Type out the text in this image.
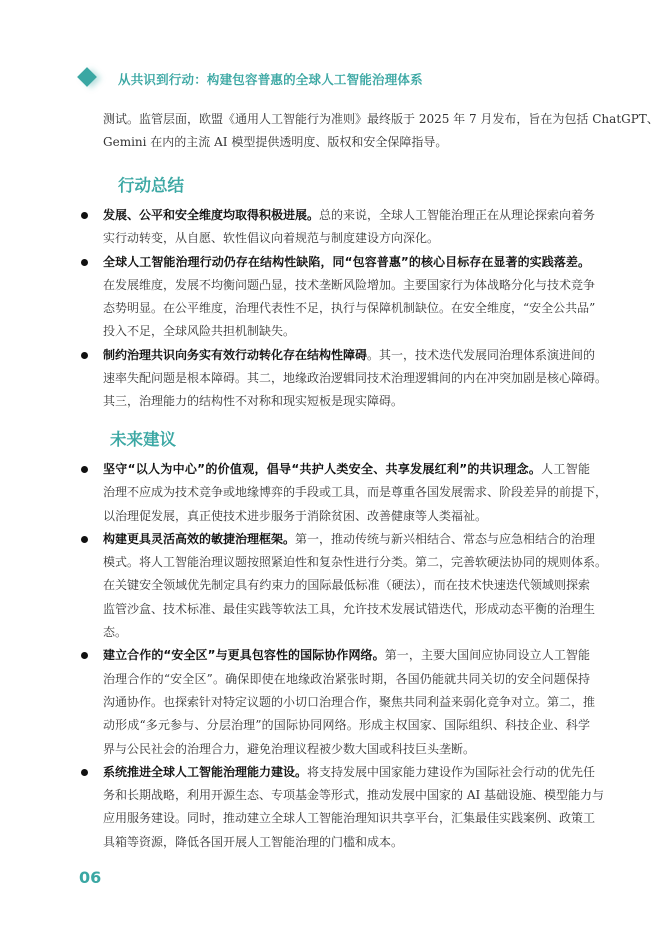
从共识到行动：构建包容普惠的全球人工智能治理体系
测试。监管层面，欧盟《通用人工智能行为准则》最终版于 2025 年 7 月发布，旨在为包括 ChatGPT、
Gemini 在内的主流 AI 模型提供透明度、版权和安全保障指导。
行动总结
发展、公平和安全维度均取得积极进展。总的来说，全球人工智能治理正在从理论探索向着务
实行动转变，从自愿、软性倡议向着规范与制度建设方向深化。
全球人工智能治理行动仍存在结构性缺陷，同“包容普惠”的核心目标存在显著的实践落差。
在发展维度，发展不均衡问题凸显，技术垄断风险增加。主要国家行为体战略分化与技术竞争
态势明显。在公平维度，治理代表性不足，执行与保障机制缺位。在安全维度，“安全公共品”
投入不足，全球风险共担机制缺失。
制约治理共识向务实有效行动转化存在结构性障碍。其一，技术迭代发展同治理体系演进间的
速率失配问题是根本障碍。其二，地缘政治逻辑同技术治理逻辑间的内在冲突加剧是核心障碍。
其三，治理能力的结构性不对称和现实短板是现实障碍。
未来建议
坚守“以人为中心”的价值观，倡导“共护人类安全、共享发展红利”的共识理念。人工智能
治理不应成为技术竞争或地缘博弈的手段或工具，而是尊重各国发展需求、阶段差异的前提下，
以治理促发展，真正使技术进步服务于消除贫困、改善健康等人类福祉。
构建更具灵活高效的敏捷治理框架。第一，推动传统与新兴相结合、常态与应急相结合的治理
模式。将人工智能治理议题按照紧迫性和复杂性进行分类。第二，完善软硬法协同的规则体系。
在关键安全领域优先制定具有约束力的国际最低标准（硬法），而在技术快速迭代领域则探索
监管沙盒、技术标准、最佳实践等软法工具，允许技术发展试错迭代，形成动态平衡的治理生
态。
建立合作的“安全区”与更具包容性的国际协作网络。第一，主要大国间应协同设立人工智能
治理合作的“安全区”。确保即使在地缘政治紧张时期，各国仍能就共同关切的安全问题保持
沟通协作。也探索针对特定议题的小切口治理合作，聚焦共同利益来弱化竞争对立。第二，推
动形成“多元参与、分层治理”的国际协同网络。形成主权国家、国际组织、科技企业、科学
界与公民社会的治理合力，避免治理议程被少数大国或科技巨头垄断。
系统推进全球人工智能治理能力建设。将支持发展中国家能力建设作为国际社会行动的优先任
务和长期战略，利用开源生态、专项基金等形式，推动发展中国家的 AI 基础设施、模型能力与
应用服务建设。同时，推动建立全球人工智能治理知识共享平台，汇集最佳实践案例、政策工
具箱等资源，降低各国开展人工智能治理的门槛和成本。
06
